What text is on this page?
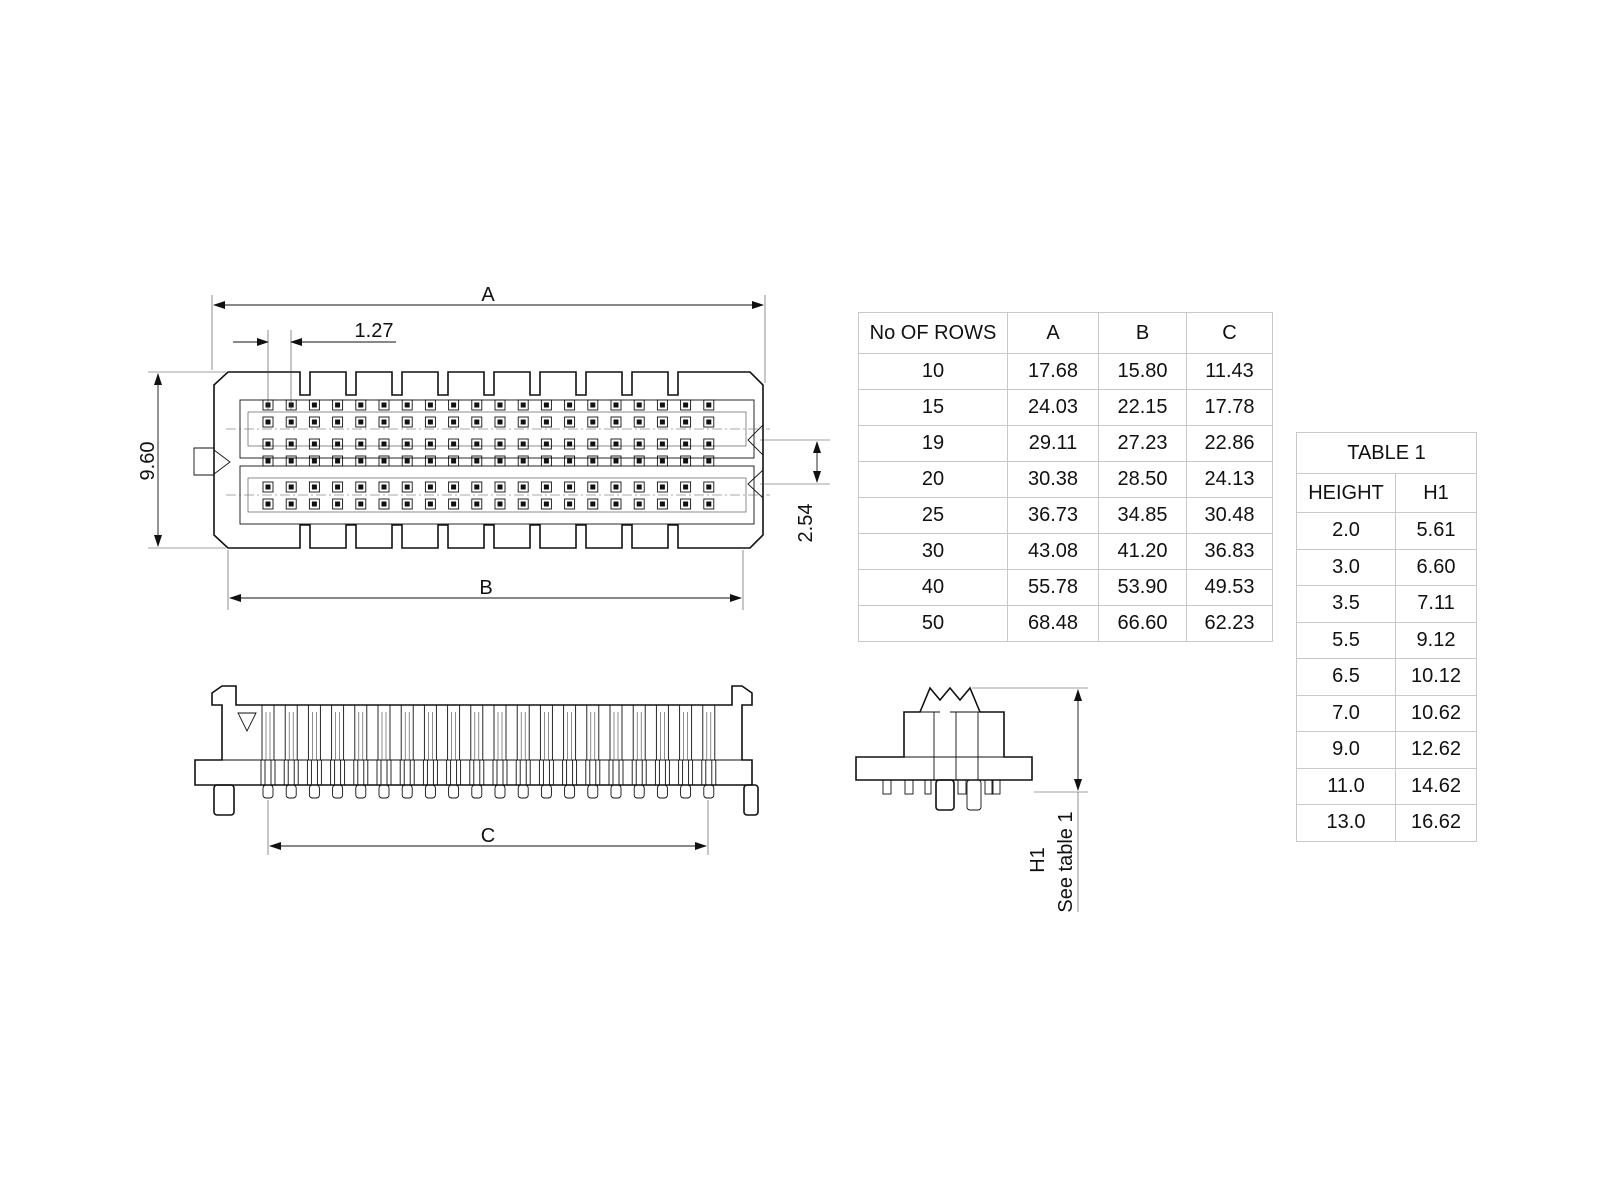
A
1.27
9.60
2.54
B
C
H1 See table 1
No OF ROWS	A	B	C
10	17.68	15.80	11.43
15	24.03	22.15	17.78
19	29.11	27.23	22.86
20	30.38	28.50	24.13
25	36.73	34.85	30.48
30	43.08	41.20	36.83
40	55.78	53.90	49.53
50	68.48	66.60	62.23
TABLE 1
HEIGHT	H1
2.0	5.61
3.0	6.60
3.5	7.11
5.5	9.12
6.5	10.12
7.0	10.62
9.0	12.62
11.0	14.62
13.0	16.62
